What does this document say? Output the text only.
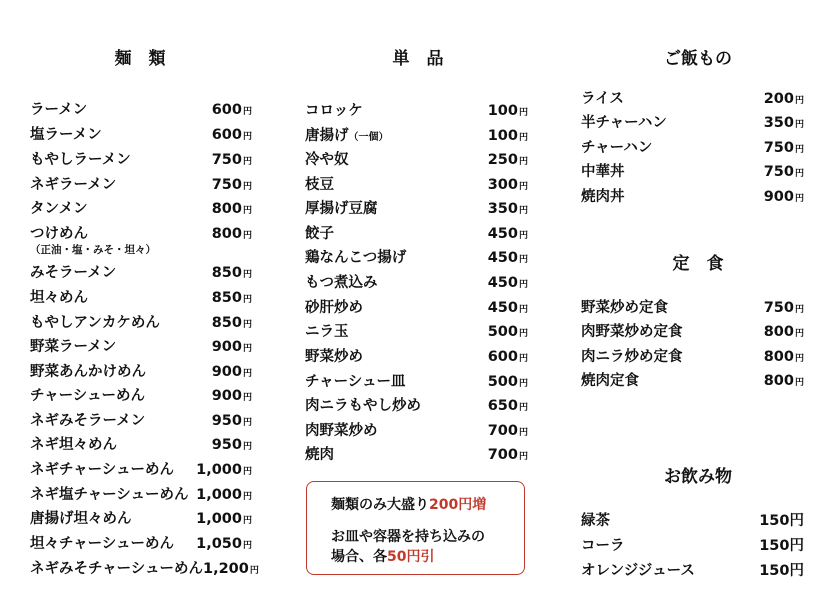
麺　類	単　品	ご飯もの
定　食
お飲み物
ラーメン	600円
塩ラーメン	600円
もやしラーメン	750円
ネギラーメン	750円
タンメン	800円
つけめん	800円
みそラーメン	850円
坦々めん	850円
もやしアンカケめん	850円
野菜ラーメン	900円
野菜あんかけめん	900円
チャーシューめん	900円
ネギみそラーメン	950円
ネギ坦々めん	950円
ネギチャーシューめん 1,000円
ネギ塩チャーシューめん 1,000円
唐揚げ坦々めん	1,000円
坦々チャーシューめん 1,050円
ネギみそチャーシューめん 1,200円
（正油・塩・みそ・坦々）
コロッケ	100円
唐揚げ（一個）	100円
冷や奴	250円
枝豆	300円
厚揚げ豆腐	350円
餃子	450円
鶏なんこつ揚げ	450円
もつ煮込み	450円
砂肝炒め	450円
ニラ玉	500円
野菜炒め	600円
チャーシュー皿	500円
肉ニラもやし炒め	650円
肉野菜炒め	700円
焼肉	700円
ライス	200円
半チャーハン	350円
チャーハン	750円
中華丼	750円
焼肉丼	900円
野菜炒め定食	750円
肉野菜炒め定食	800円
肉ニラ炒め定食	800円
焼肉定食	800円
緑茶	150円
コーラ	150円
オレンジジュース	150円
麺類のみ大盛り200円増
お皿や容器を持ち込みの
場合、各50円引
